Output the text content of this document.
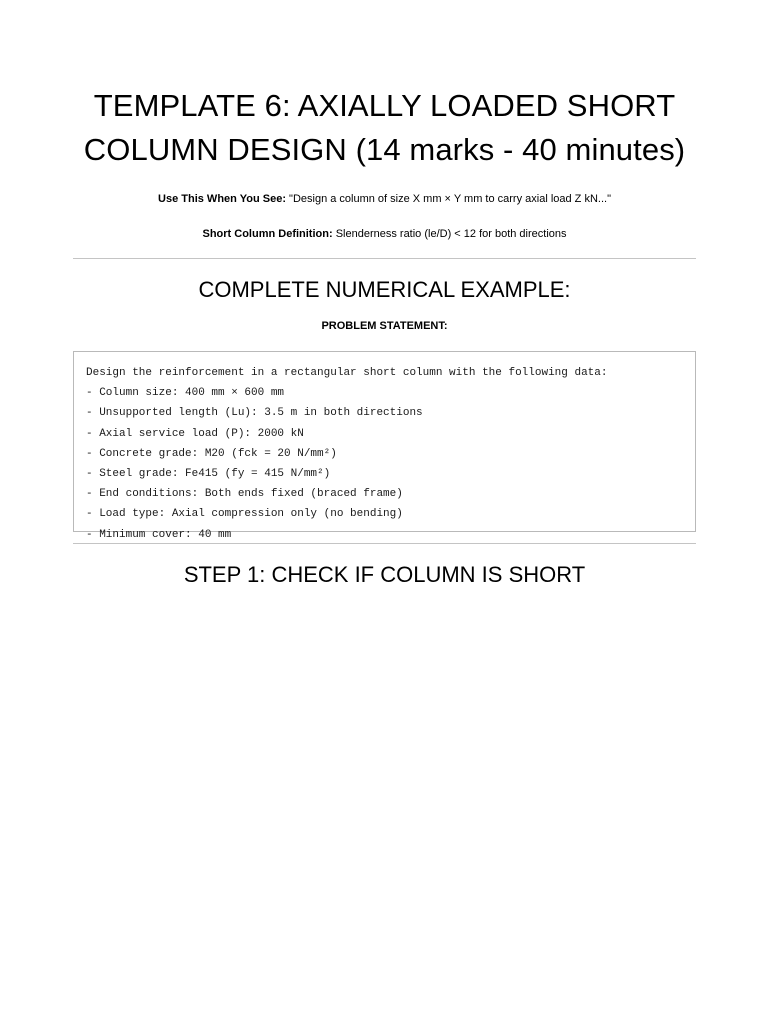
TEMPLATE 6: AXIALLY LOADED SHORT COLUMN DESIGN (14 marks - 40 minutes)

Use This When You See: "Design a column of size X mm × Y mm to carry axial load Z kN..."

Short Column Definition: Slenderness ratio (le/D) < 12 for both directions

COMPLETE NUMERICAL EXAMPLE:
PROBLEM STATEMENT:
Design the reinforcement in a rectangular short column with the following data:
- Column size: 400 mm × 600 mm
- Unsupported length (Lu): 3.5 m in both directions
- Axial service load (P): 2000 kN
- Concrete grade: M20 (fck = 20 N/mm²)
- Steel grade: Fe415 (fy = 415 N/mm²)
- End conditions: Both ends fixed (braced frame)
- Load type: Axial compression only (no bending)
- Minimum cover: 40 mm
STEP 1: CHECK IF COLUMN IS SHORT
